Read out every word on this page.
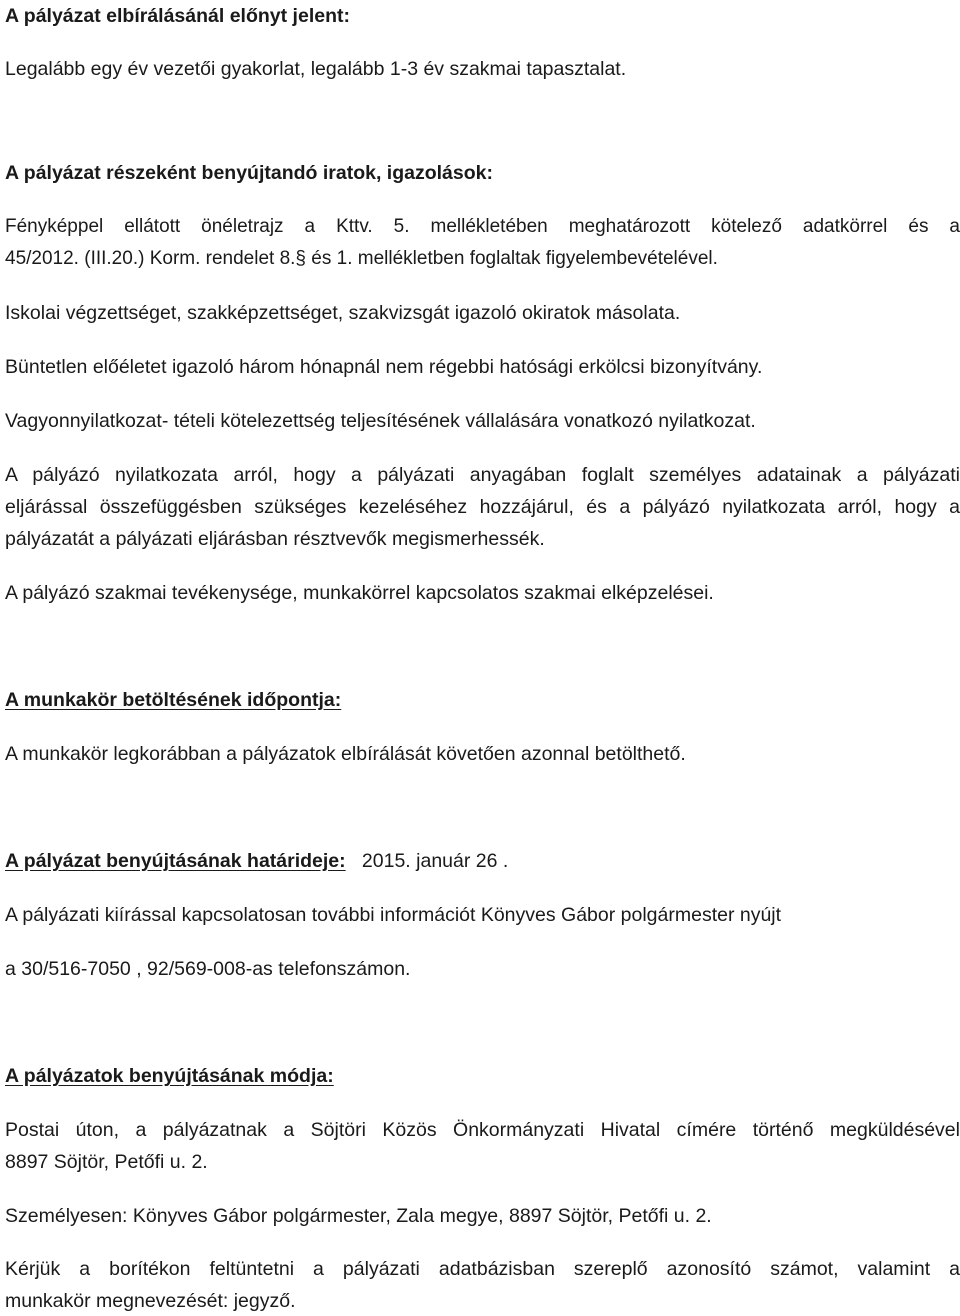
A pályázat elbírálásánál előnyt jelent:

Legalább egy év vezetői gyakorlat, legalább 1-3 év szakmai tapasztalat.

A pályázat részeként benyújtandó iratok, igazolások:

Fényképpel ellátott önéletrajz a Kttv. 5. mellékletében meghatározott kötelező adatkörrel és a

45/2012. (III.20.) Korm. rendelet 8.§ és 1. mellékletben foglaltak figyelembevételével.

Iskolai végzettséget, szakképzettséget, szakvizsgát igazoló okiratok másolata.

Büntetlen előéletet igazoló három hónapnál nem régebbi hatósági erkölcsi bizonyítvány.

Vagyonnyilatkozat- tételi kötelezettség teljesítésének vállalására vonatkozó nyilatkozat.

A pályázó nyilatkozata arról, hogy a pályázati anyagában foglalt személyes adatainak a pályázati

eljárással összefüggésben szükséges kezeléséhez hozzájárul, és a pályázó nyilatkozata arról, hogy a

pályázatát a pályázati eljárásban résztvevők megismerhessék.

A pályázó szakmai tevékenysége, munkakörrel kapcsolatos szakmai elképzelései.

A munkakör betöltésének időpontja:

A munkakör legkorábban a pályázatok elbírálását követően azonnal betölthető.

A pályázat benyújtásának határideje: 2015. január 26 .

A pályázati kiírással kapcsolatosan további információt Könyves Gábor polgármester nyújt

a 30/516-7050 , 92/569-008-as telefonszámon.

A pályázatok benyújtásának módja:

Postai úton, a pályázatnak a Söjtöri Közös Önkormányzati Hivatal címére történő megküldésével

8897 Söjtör, Petőfi u. 2.

Személyesen: Könyves Gábor polgármester, Zala megye, 8897 Söjtör, Petőfi u. 2.

Kérjük a borítékon feltüntetni a pályázati adatbázisban szereplő azonosító számot, valamint a

munkakör megnevezését: jegyző.
